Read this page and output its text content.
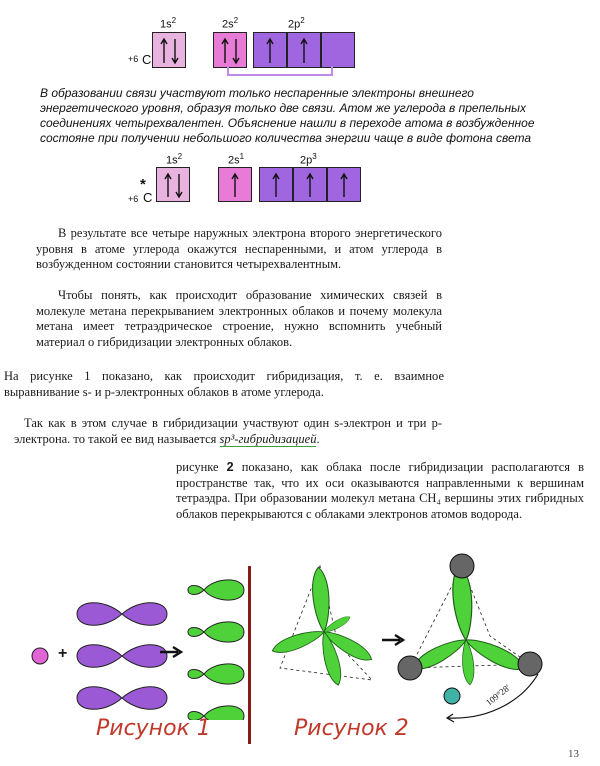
$1s^2$	$2s^2$	$2p^2$
+6 C
В образовании связи участвуют только неспаренные электроны внешнего энергетического уровня, образуя только две связи. Атом же углерода в препельных соединениях четырехвалентен. Объяснение нашли в переходе атома в возбужденное состояне при получении небольшого количества энергии чаще в виде фотона света
$1s^2$	$2s^1$	$2p^3$
*
+6 C
В результате все четыре наружных электрона второго энергетического уровня в атоме углерода окажутся неспаренными, и атом углерода в возбужденном состоянии становится четырехвалентным.
Чтобы понять, как происходит образование химических связей в молекуле метана перекрыванием электронных облаков и почему молекула метана имеет тетраэдрическое строение, нужно вспомнить учебный материал о гибридизации электронных облаков.
На рисунке 1 показано, как происходит гибридизация, т. е. взаимное выравнивание s- и p-электронных облаков в атоме углерода.
Так как в этом случае в гибридизации участвуют один s-электрон и три p-электрона. то такой ее вид называется sp³-гибридизацией.
рисунке 2 показано, как облака после гибридизации располагаются в пространстве так, что их оси оказываются направленными к вершинам тетраэдра. При образовании молекул метана CH₄ вершины этих гибридных облаков перекрываются с облаками электронов атомов водорода.
+
109°28′
Рисунок 1	Рисунок 2
13
